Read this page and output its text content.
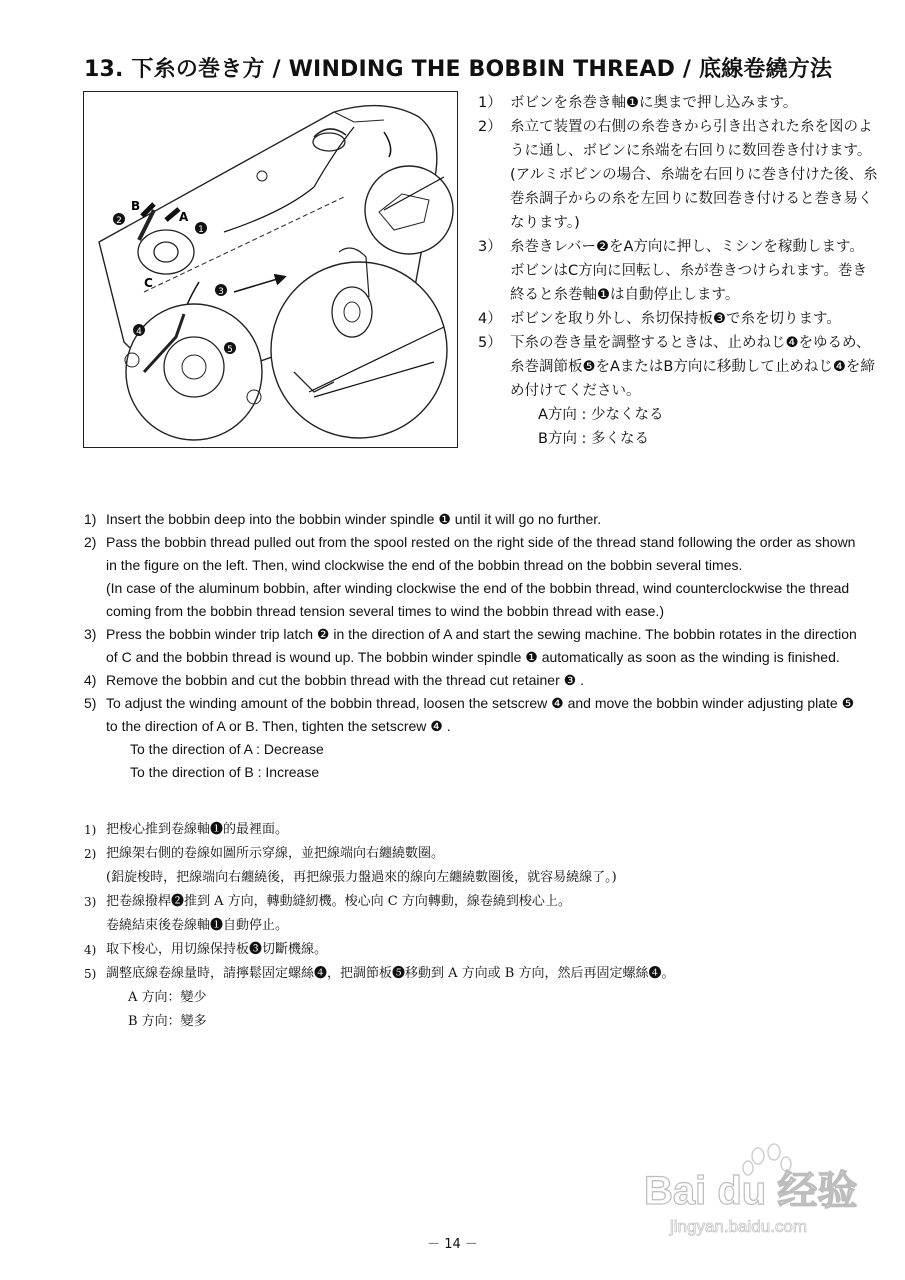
13. 下糸の巻き方 / WINDING THE BOBBIN THREAD / 底線卷繞方法
2
1
3
B
A
C
4
5
1） ボビンを糸巻き軸❶に奥まで押し込みます。
2） 糸立て装置の右側の糸巻きから引き出された糸を図のように通し、ボビンに糸端を右回りに数回巻き付けます。
(アルミボビンの場合、糸端を右回りに巻き付けた後、糸巻糸調子からの糸を左回りに数回巻き付けると巻き易くなります。)
3） 糸巻きレバー❷をA方向に押し、ミシンを稼動します。ボビンはC方向に回転し、糸が巻きつけられます。巻き終ると糸巻軸❶は自動停止します。
4） ボビンを取り外し、糸切保持板❸で糸を切ります。
5） 下糸の巻き量を調整するときは、止めねじ❹をゆるめ、糸巻調節板❺をAまたはB方向に移動して止めねじ❹を締め付けてください。
A方向 : 少なくなる
B方向 : 多くなる
1) Insert the bobbin deep into the bobbin winder spindle ❶ until it will go no further.
2) Pass the bobbin thread pulled out from the spool rested on the right side of the thread stand following the order as shown in the figure on the left. Then, wind clockwise the end of the bobbin thread on the bobbin several times.
(In case of the aluminum bobbin, after winding clockwise the end of the bobbin thread, wind counterclockwise the thread coming from the bobbin thread tension several times to wind the bobbin thread with ease.)
3) Press the bobbin winder trip latch ❷ in the direction of A and start the sewing machine. The bobbin rotates in the direction of C and the bobbin thread is wound up. The bobbin winder spindle ❶ automatically as soon as the winding is finished.
4) Remove the bobbin and cut the bobbin thread with the thread cut retainer ❸ .
5) To adjust the winding amount of the bobbin thread, loosen the setscrew ❹ and move the bobbin winder adjusting plate ❺ to the direction of A or B. Then, tighten the setscrew ❹ .
To the direction of A : Decrease
To the direction of B : Increase
1) 把梭心推到卷線軸❶的最裡面。
2) 把線架右側的卷線如圖所示穿線，並把線端向右纏繞數圈。
(鋁旋梭時，把線端向右纏繞後，再把線張力盤過來的線向左纏繞數圈後，就容易繞線了。)
3) 把卷線撥桿❷推到 A 方向，轉動縫紉機。梭心向 C 方向轉動，線卷繞到梭心上。
卷繞結束後卷線軸❶自動停止。
4) 取下梭心，用切線保持板❸切斷機線。
5) 調整底線卷線量時，請擰鬆固定螺絲❹，把調節板❺移動到 A 方向或 B 方向，然后再固定螺絲❹。
A 方向：變少
B 方向：變多
Bai du 经验
jingyan.baidu.com
－ 14 －
